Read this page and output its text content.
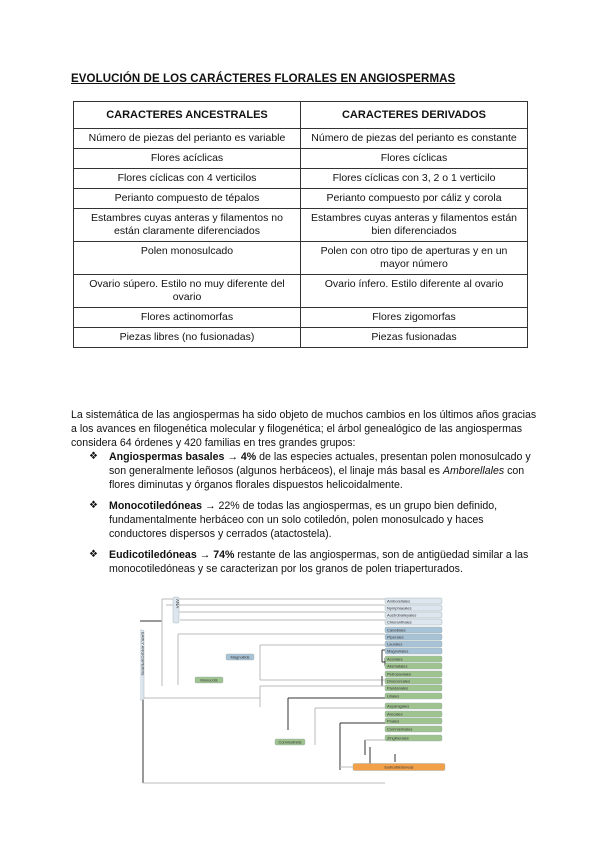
EVOLUCIÓN DE LOS CARÁCTERES FLORALES EN ANGIOSPERMAS
CARACTERES ANCESTRALES	CARACTERES DERIVADOS
Número de piezas del perianto es variable	Número de piezas del perianto es constante
Flores acíclicas	Flores cíclicas
Flores cíclicas con 4 verticilos	Flores cíclicas con 3, 2 o 1 verticilo
Perianto compuesto de tépalos	Perianto compuesto por cáliz y corola
Estambres cuyas anteras y filamentos no están claramente diferenciados	Estambres cuyas anteras y filamentos están bien diferenciados
Polen monosulcado	Polen con otro tipo de aperturas y en un mayor número
Ovario súpero. Estilo no muy diferente del ovario	Ovario ínfero. Estilo diferente al ovario
Flores actinomorfas	Flores zigomorfas
Piezas libres (no fusionadas)	Piezas fusionadas
La sistemática de las angiospermas ha sido objeto de muchos cambios en los últimos años gracias a los avances en filogenética molecular y filogenética; el árbol genealógico de las angiospermas considera 64 órdenes y 420 familias en tres grandes grupos:
❖ Angiospermas basales → 4% de las especies actuales, presentan polen monosulcado y son generalmente leñosos (algunos herbáceos), el linaje más basal es Amborellales con flores diminutas y órganos florales dispuestos helicoidalmente.
❖ Monocotiledóneas → 22% de todas las angiospermas, es un grupo bien definido, fundamentalmente herbáceo con un solo cotiledón, polen monosulcado y haces conductores dispersos y cerrados (atactostela).
❖ Eudicotiledóneas → 74% restante de las angiospermas, son de antigüedad similar a las monocotiledóneas y se caracterizan por los granos de polen triaperturados.
Amborellales
Nymphaeales
Austrobaileyales
Chloranthales
Canellales
Piperales
Laurales
Magnoliales
Acorales
Alismatales
Petrosaviales
Dioscoreales
Pandanales
Liliales
Asparagales
Arecales
Poales
Commelinales
Zingiberales
Eudicotiledóneas
EARLY ANGIOSPERMS
ANA
Magnoliids
Monocots
Commelinids
